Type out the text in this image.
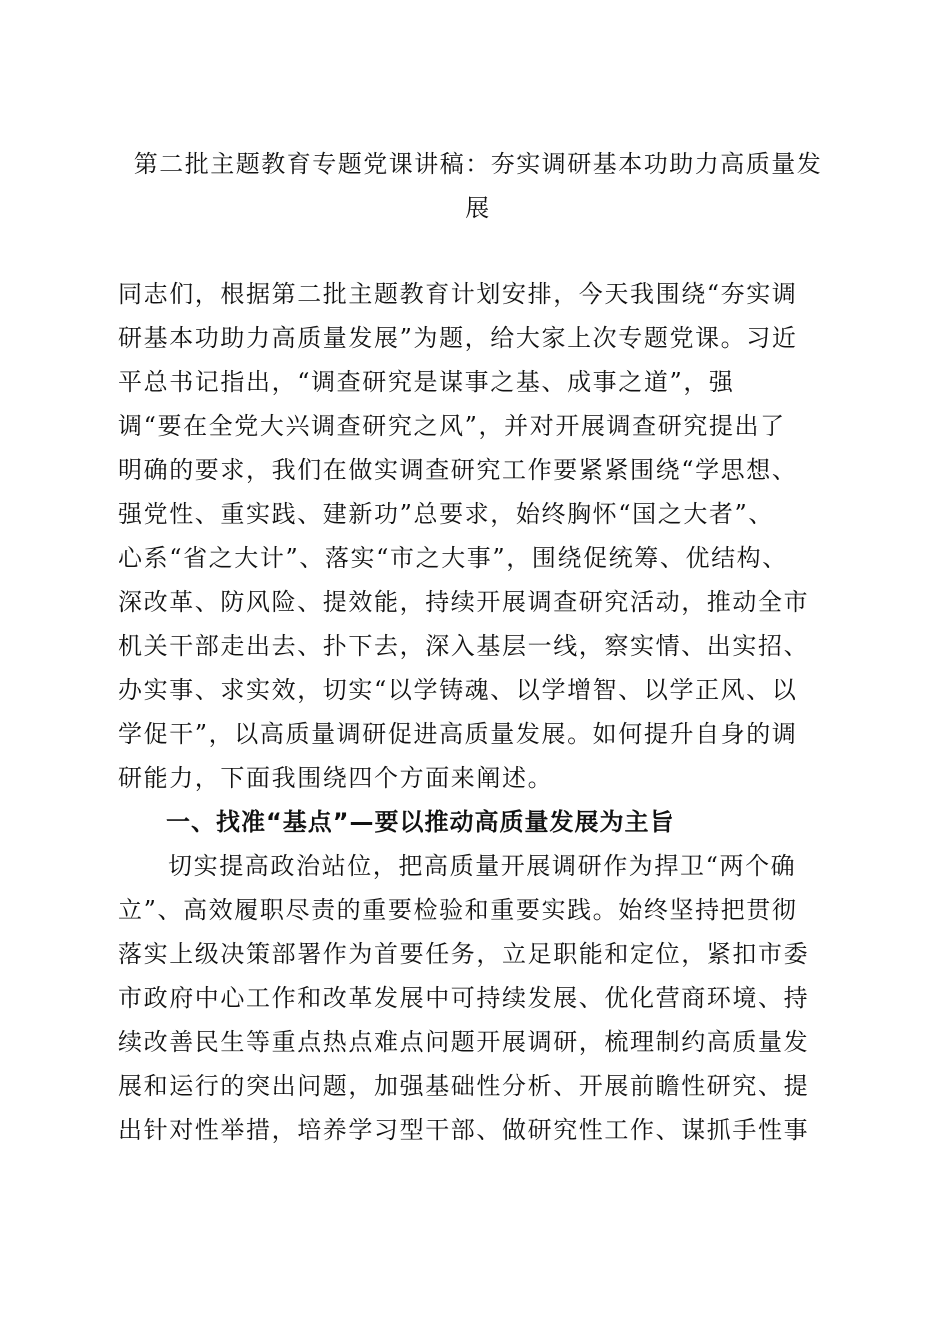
第二批主题教育专题党课讲稿：夯实调研基本功助力高质量发
展
同志们，根据第二批主题教育计划安排，今天我围绕“夯实调
研基本功助力高质量发展”为题，给大家上次专题党课。习近
平总书记指出，“调查研究是谋事之基、成事之道”，强
调“要在全党大兴调查研究之风”，并对开展调查研究提出了
明确的要求，我们在做实调查研究工作要紧紧围绕“学思想、
强党性、重实践、建新功”总要求，始终胸怀“国之大者”、
心系“省之大计”、落实“市之大事”，围绕促统筹、优结构、
深改革、防风险、提效能，持续开展调查研究活动，推动全市
机关干部走出去、扑下去，深入基层一线，察实情、出实招、
办实事、求实效，切实“以学铸魂、以学增智、以学正风、以
学促干”，以高质量调研促进高质量发展。如何提升自身的调
研能力，下面我围绕四个方面来阐述。
一、找准“基点”—要以推动高质量发展为主旨
切实提高政治站位，把高质量开展调研作为捍卫“两个确
立”、高效履职尽责的重要检验和重要实践。始终坚持把贯彻
落实上级决策部署作为首要任务，立足职能和定位，紧扣市委
市政府中心工作和改革发展中可持续发展、优化营商环境、持
续改善民生等重点热点难点问题开展调研，梳理制约高质量发
展和运行的突出问题，加强基础性分析、开展前瞻性研究、提
出针对性举措，培养学习型干部、做研究性工作、谋抓手性事
